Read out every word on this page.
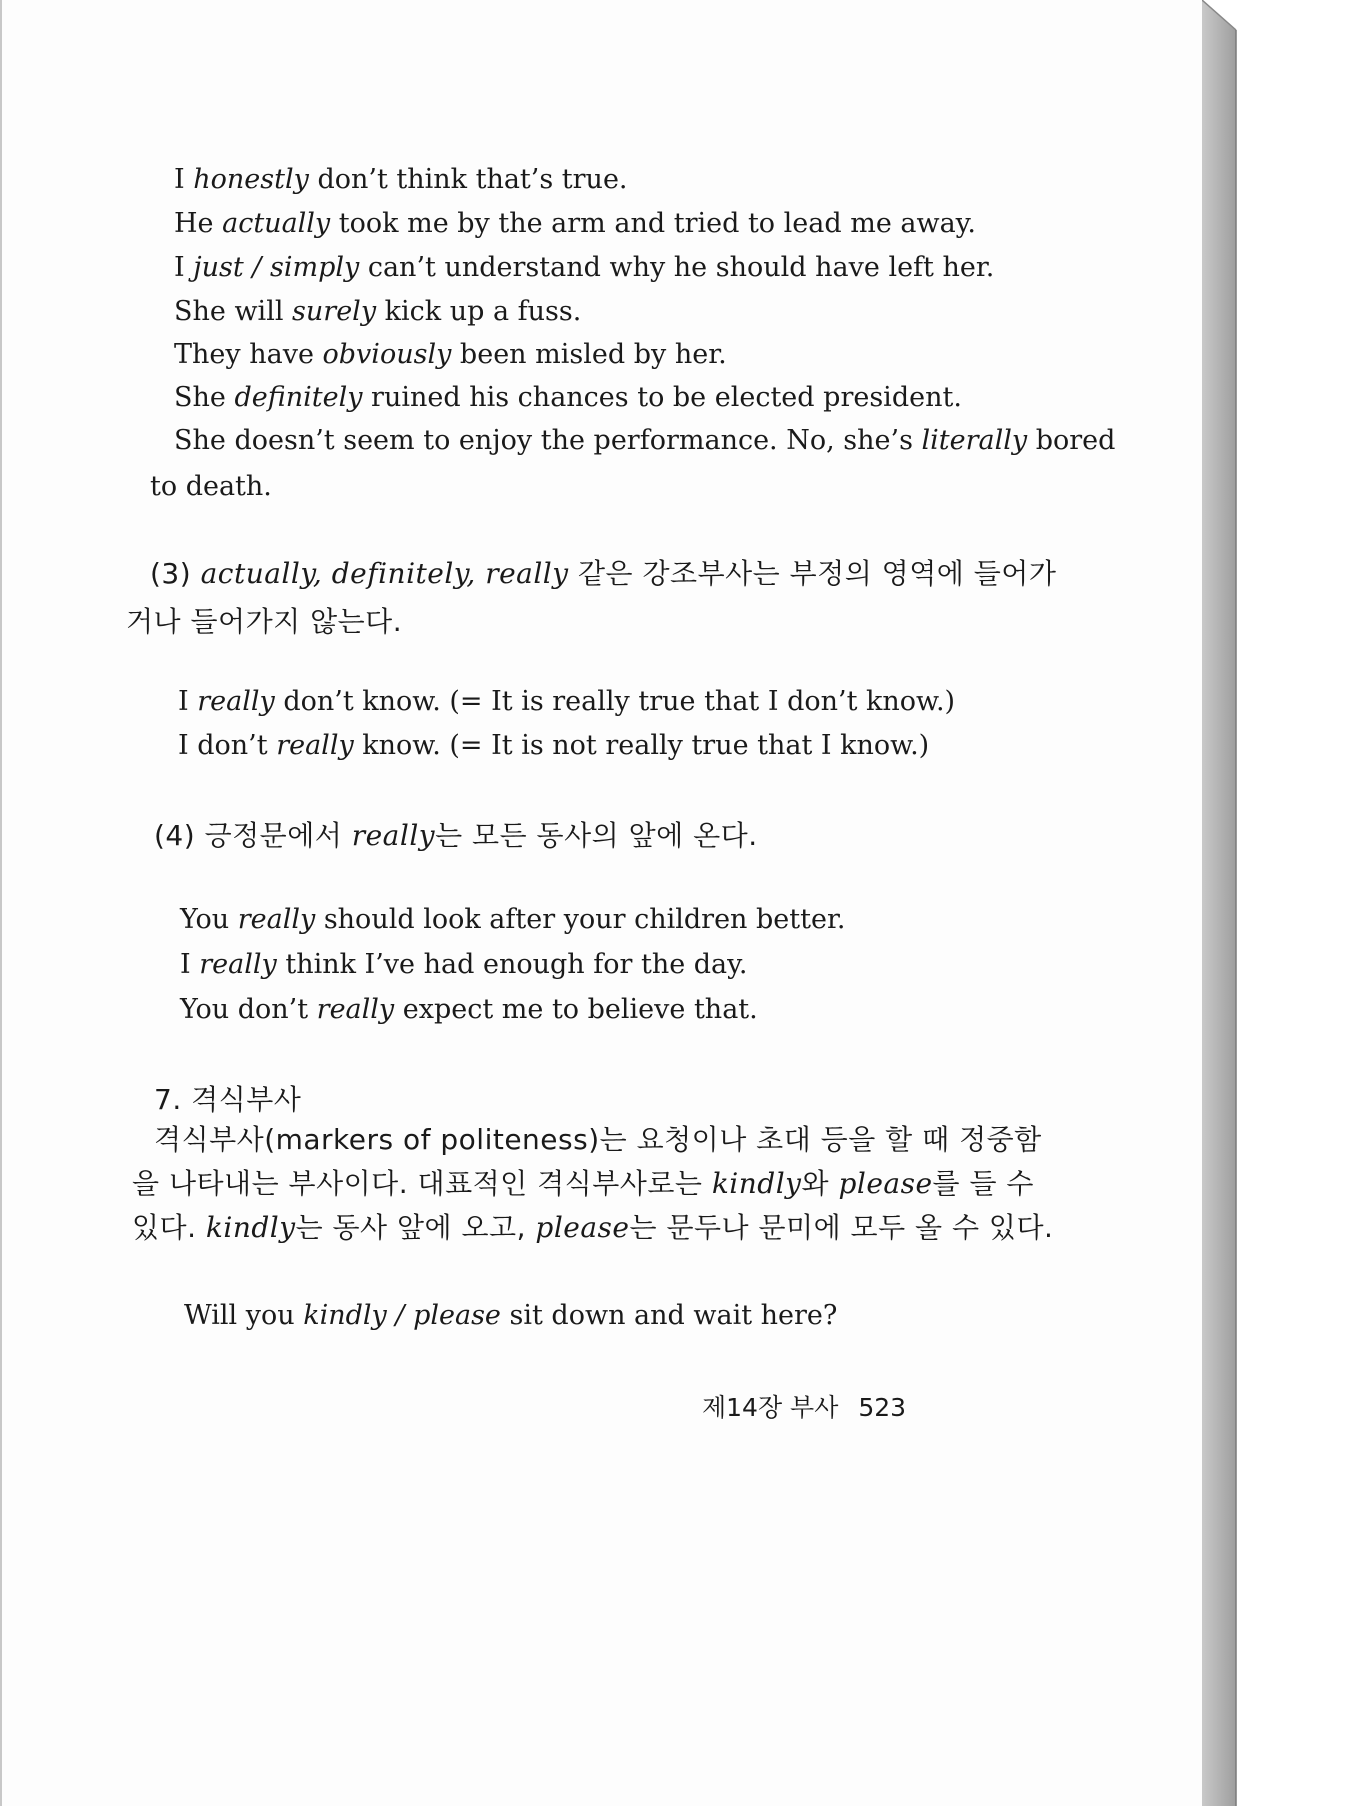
I honestly don’t think that’s true.
He actually took me by the arm and tried to lead me away.
I just / simply can’t understand why he should have left her.
She will surely kick up a fuss.
They have obviously been misled by her.
She definitely ruined his chances to be elected president.
She doesn’t seem to enjoy the performance. No, she’s literally bored
to death.
(3) actually, definitely, really 같은 강조부사는 부정의 영역에 들어가
거나 들어가지 않는다.
I really don’t know. (= It is really true that I don’t know.)
I don’t really know. (= It is not really true that I know.)
(4) 긍정문에서 really는 모든 동사의 앞에 온다.
You really should look after your children better.
I really think I’ve had enough for the day.
You don’t really expect me to believe that.
7. 격식부사
격식부사(markers of politeness)는 요청이나 초대 등을 할 때 정중함
을 나타내는 부사이다. 대표적인 격식부사로는 kindly와 please를 들 수
있다. kindly는 동사 앞에 오고, please는 문두나 문미에 모두 올 수 있다.
Will you kindly / please sit down and wait here?
제14장 부사 523
